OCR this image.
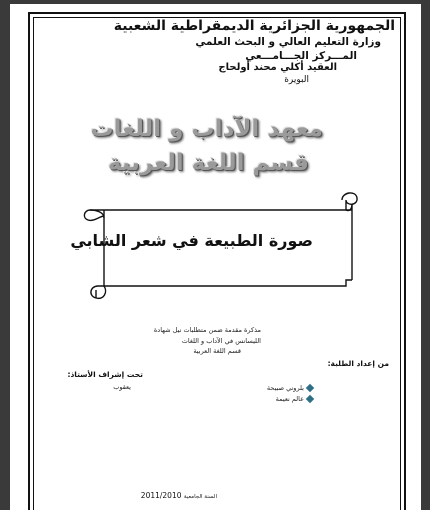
الجمهورية الجزائرية الديمقراطية الشعبية
وزارة التعليم العالي و البحث العلمي
المـــركز الجـــامـــعي
العقيد أكلي محند أولحاج
البويرة
معهد الآداب و اللغات
قسم اللغة العربية
صورة الطبيعة في شعر الشابي
مذكرة مقدمة ضمن متطلبات نيل شهادة
الليسانس في الآداب و اللغات
قسم اللغة العربية
من إعداد الطلبة:
تحت إشراف الأستاذ:
يعقوب	بلروني صبيحة
عالم نعيمة
السنة الجامعية 2011/2010
